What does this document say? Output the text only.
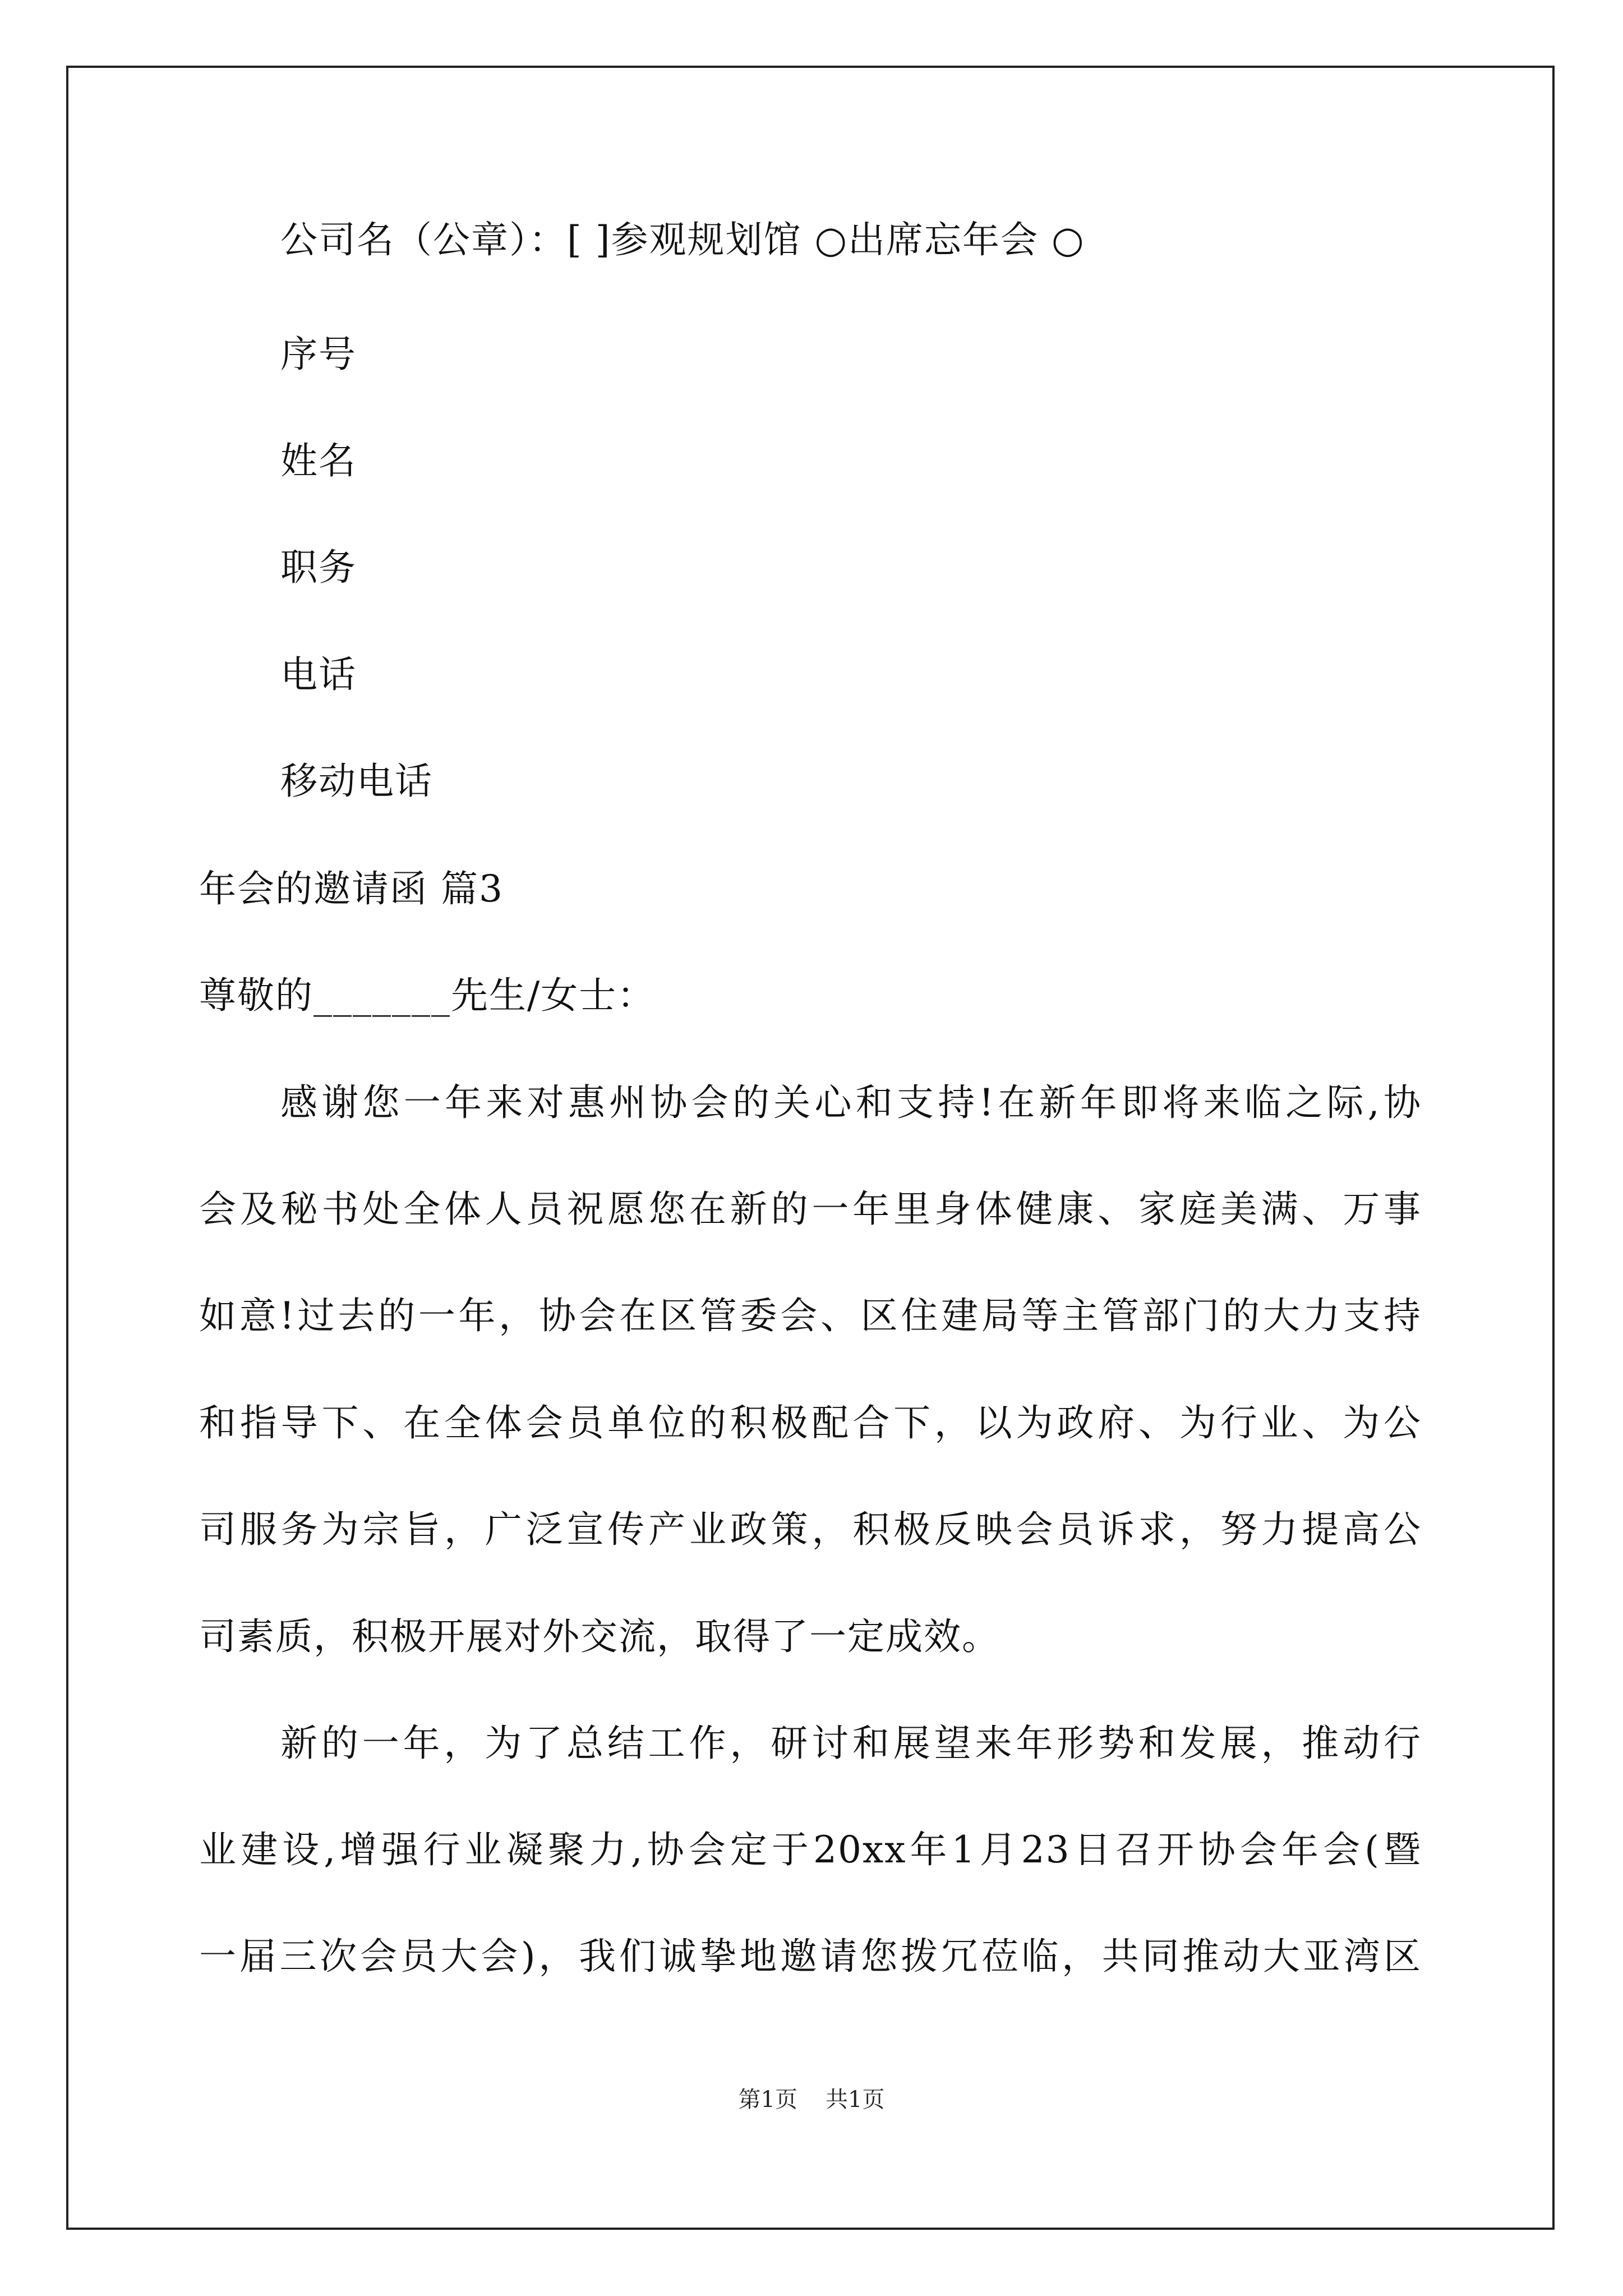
公司名（公章）：[ ]参观规划馆 ○出席忘年会 ○
序号
姓名
职务
电话
移动电话
年会的邀请函 篇3
尊敬的_______先生/女士：
感谢您一年来对惠州协会的关心和支持!在新年即将来临之际,协
会及秘书处全体人员祝愿您在新的一年里身体健康、家庭美满、万事
如意!过去的一年，协会在区管委会、区住建局等主管部门的大力支持
和指导下、在全体会员单位的积极配合下，以为政府、为行业、为公
司服务为宗旨，广泛宣传产业政策，积极反映会员诉求，努力提高公
司素质，积极开展对外交流，取得了一定成效。
新的一年，为了总结工作，研讨和展望来年形势和发展，推动行
业建设,增强行业凝聚力,协会定于20xx年1月23日召开协会年会(暨
一届三次会员大会)，我们诚挚地邀请您拨冗莅临，共同推动大亚湾区
第1页 共1页
